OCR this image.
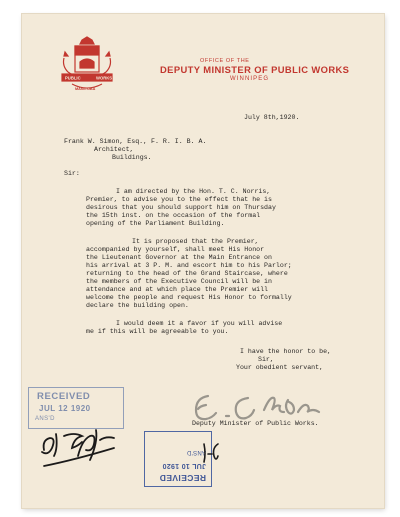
PUBLIC	WORKS
MANITOBA
OFFICE OF THE
DEPUTY MINISTER OF PUBLIC WORKS
WINNIPEG
July 8th,1920.
Frank W. Simon, Esq., F. R. I. B. A.
Architect,
Buildings.
Sir:
I am directed by the Hon. T. C. Norris,
Premier, to advise you to the effect that he is
desirous that you should support him on Thursday
the 15th inst. on the occasion of the formal
opening of the Parliament Building.
It is proposed that the Premier,
accompanied by yourself, shall meet His Honor
the Lieutenant Governor at the Main Entrance on
his arrival at 3 P. M. and escort him to his Parlor;
returning to the head of the Grand Staircase, where
the members of the Executive Council will be in
attendance and at which place the Premier will
welcome the people and request His Honor to formally
declare the building open.
I would deem it a favor if you will advise
me if this will be agreeable to you.
I have the honor to be,
Sir,
Your obedient servant,
Deputy Minister of Public Works.
RECEIVED
JUL 12 1920
ANS'D
RECEIVED
JUL 10 1920
ANS'D
